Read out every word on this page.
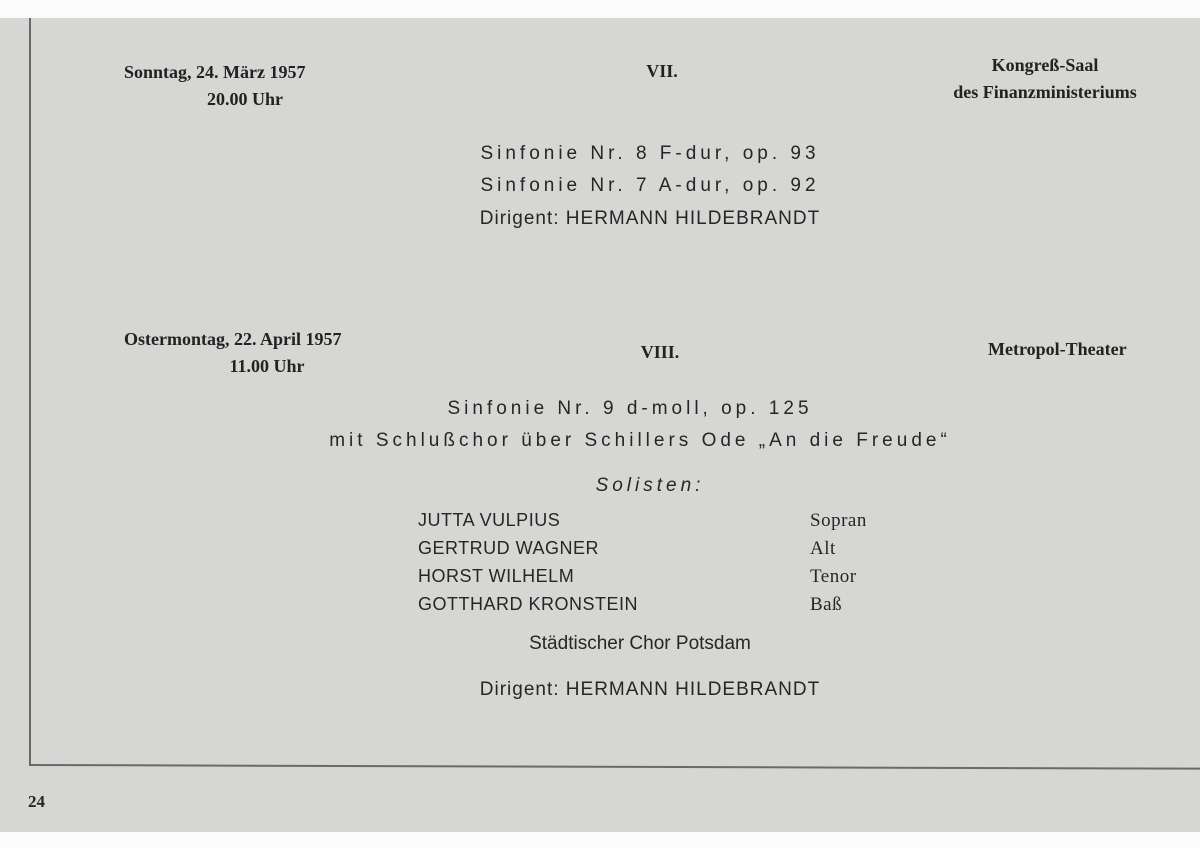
Sonntag, 24. März 1957
20.00 Uhr
VII.	Kongreß-Saal
des Finanzministeriums
Sinfonie Nr. 8 F-dur, op. 93
Sinfonie Nr. 7 A-dur, op. 92
Dirigent: HERMANN HILDEBRANDT
Ostermontag, 22. April 1957
11.00 Uhr
VIII.	Metropol-Theater
Sinfonie Nr. 9 d-moll, op. 125
mit Schlußchor über Schillers Ode „An die Freude“
Solisten:
JUTTA VULPIUS	Sopran
GERTRUD WAGNER	Alt
HORST WILHELM	Tenor
GOTTHARD KRONSTEIN	Baß
Städtischer Chor Potsdam
Dirigent: HERMANN HILDEBRANDT
24
